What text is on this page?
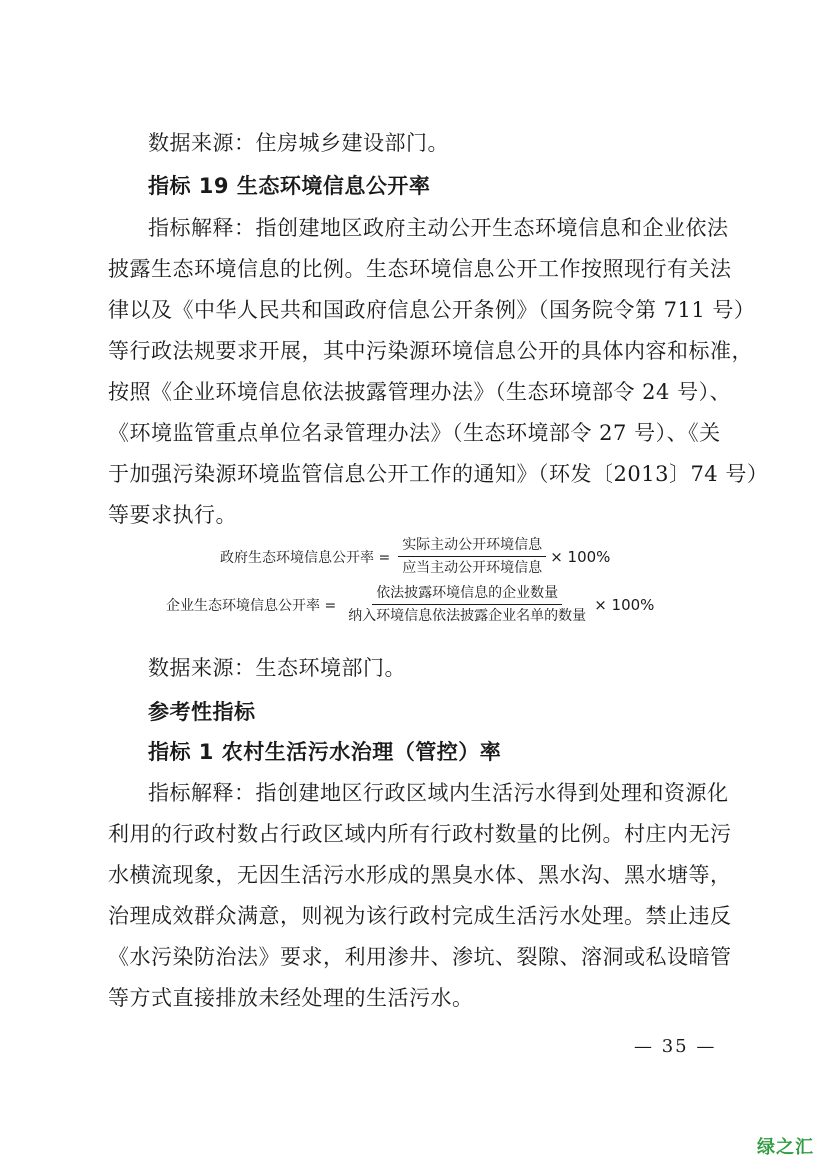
数据来源：住房城乡建设部门。
指标 19 生态环境信息公开率
指标解释：指创建地区政府主动公开生态环境信息和企业依法
披露生态环境信息的比例。生态环境信息公开工作按照现行有关法
律以及《中华人民共和国政府信息公开条例》（国务院令第 711 号）
等行政法规要求开展，其中污染源环境信息公开的具体内容和标准，
按照《企业环境信息依法披露管理办法》（生态环境部令 24 号）、
《环境监管重点单位名录管理办法》（生态环境部令 27 号）、《关
于加强污染源环境监管信息公开工作的通知》（环发〔2013〕74 号）
等要求执行。
政府生态环境信息公开率 = $\frac{\text{实际主动公开环境信息}}{\text{应当主动公开环境信息}} \times 100\%$
企业生态环境信息公开率 = $\frac{\text{依法披露环境信息的企业数量}}{\text{纳入环境信息依法披露企业名单的数量}} \times 100\%$
数据来源：生态环境部门。
参考性指标
指标 1 农村生活污水治理（管控）率
指标解释：指创建地区行政区域内生活污水得到处理和资源化
利用的行政村数占行政区域内所有行政村数量的比例。村庄内无污
水横流现象，无因生活污水形成的黑臭水体、黑水沟、黑水塘等，
治理成效群众满意，则视为该行政村完成生活污水处理。禁止违反
《水污染防治法》要求，利用渗井、渗坑、裂隙、溶洞或私设暗管
等方式直接排放未经处理的生活污水。
— 35 —
绿之汇
